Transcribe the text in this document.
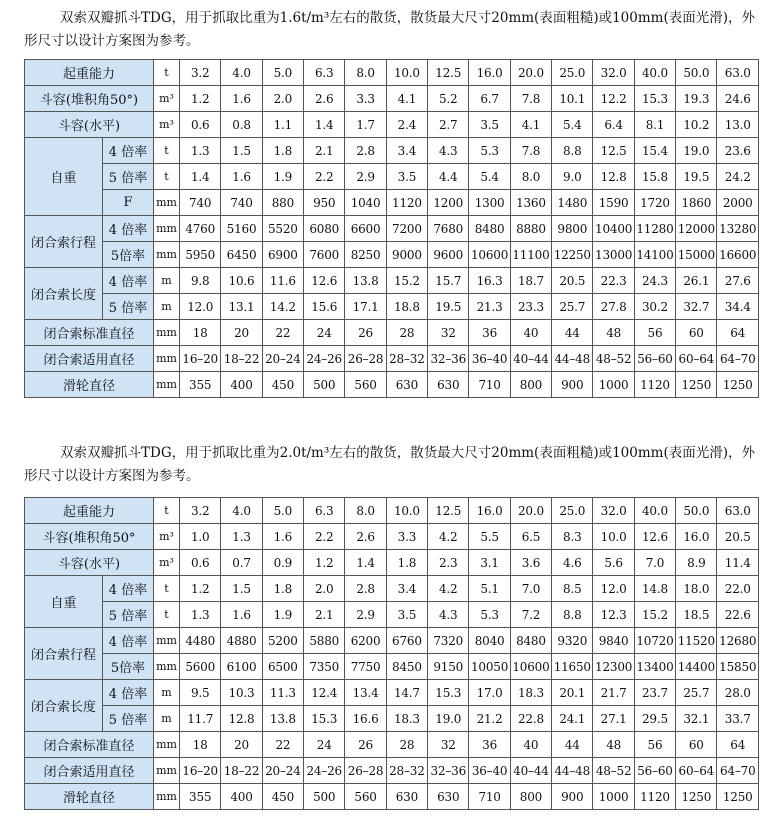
双索双瓣抓斗TDG，用于抓取比重为1.6t/m³左右的散货，散货最大尺寸20mm(表面粗糙)或100mm(表面光滑)，外形尺寸以设计方案图为参考。

起重能力		t	3.2	4.0	5.0	6.3	8.0	10.0	12.5	16.0	20.0	25.0	32.0	40.0	50.0	63.0
斗容(堆积角50°)		m³	1.2	1.6	2.0	2.6	3.3	4.1	5.2	6.7	7.8	10.1	12.2	15.3	19.3	24.6
斗容(水平)		m³	0.6	0.8	1.1	1.4	1.7	2.4	2.7	3.5	4.1	5.4	6.4	8.1	10.2	13.0
自重	4 倍率	t	1.3	1.5	1.8	2.1	2.8	3.4	4.3	5.3	7.8	8.8	12.5	15.4	19.0	23.6
	5 倍率	t	1.4	1.6	1.9	2.2	2.9	3.5	4.4	5.4	8.0	9.0	12.8	15.8	19.5	24.2
	F	mm	740	740	880	950	1040	1120	1200	1300	1360	1480	1590	1720	1860	2000
闭合索行程	4 倍率	mm	4760	5160	5520	6080	6600	7200	7680	8480	8880	9800	10400	11280	12000	13280
	5倍率	mm	5950	6450	6900	7600	8250	9000	9600	10600	11100	12250	13000	14100	15000	16600
闭合索长度	4 倍率	m	9.8	10.6	11.6	12.6	13.8	15.2	15.7	16.3	18.7	20.5	22.3	24.3	26.1	27.6
	5 倍率	m	12.0	13.1	14.2	15.6	17.1	18.8	19.5	21.3	23.3	25.7	27.8	30.2	32.7	34.4
闭合索标准直径		mm	18	20	22	24	26	28	32	36	40	44	48	56	60	64
闭合索适用直径		mm	16–20	18–22	20–24	24–26	26–28	28–32	32–36	36–40	40–44	44–48	48–52	56–60	60–64	64–70
滑轮直径		mm	355	400	450	500	560	630	630	710	800	900	1000	1120	1250	1250

双索双瓣抓斗TDG，用于抓取比重为2.0t/m³左右的散货，散货最大尺寸20mm(表面粗糙)或100mm(表面光滑)，外形尺寸以设计方案图为参考。

起重能力		t	3.2	4.0	5.0	6.3	8.0	10.0	12.5	16.0	20.0	25.0	32.0	40.0	50.0	63.0
斗容(堆积角50°		m³	1.0	1.3	1.6	2.2	2.6	3.3	4.2	5.5	6.5	8.3	10.0	12.6	16.0	20.5
斗容(水平)		m³	0.6	0.7	0.9	1.2	1.4	1.8	2.3	3.1	3.6	4.6	5.6	7.0	8.9	11.4
自重	4 倍率	t	1.2	1.5	1.8	2.0	2.8	3.4	4.2	5.1	7.0	8.5	12.0	14.8	18.0	22.0
	5 倍率	t	1.3	1.6	1.9	2.1	2.9	3.5	4.3	5.3	7.2	8.8	12.3	15.2	18.5	22.6
闭合索行程	4 倍率	mm	4480	4880	5200	5880	6200	6760	7320	8040	8480	9320	9840	10720	11520	12680
	5倍率	mm	5600	6100	6500	7350	7750	8450	9150	10050	10600	11650	12300	13400	14400	15850
闭合索长度	4 倍率	m	9.5	10.3	11.3	12.4	13.4	14.7	15.3	17.0	18.3	20.1	21.7	23.7	25.7	28.0
	5 倍率	m	11.7	12.8	13.8	15.3	16.6	18.3	19.0	21.2	22.8	24.1	27.1	29.5	32.1	33.7
闭合索标准直径		mm	18	20	22	24	26	28	32	36	40	44	48	56	60	64
闭合索适用直径		mm	16–20	18–22	20–24	24–26	26–28	28–32	32–36	36–40	40–44	44–48	48–52	56–60	60–64	64–70
滑轮直径		mm	355	400	450	500	560	630	630	710	800	900	1000	1120	1250	1250
